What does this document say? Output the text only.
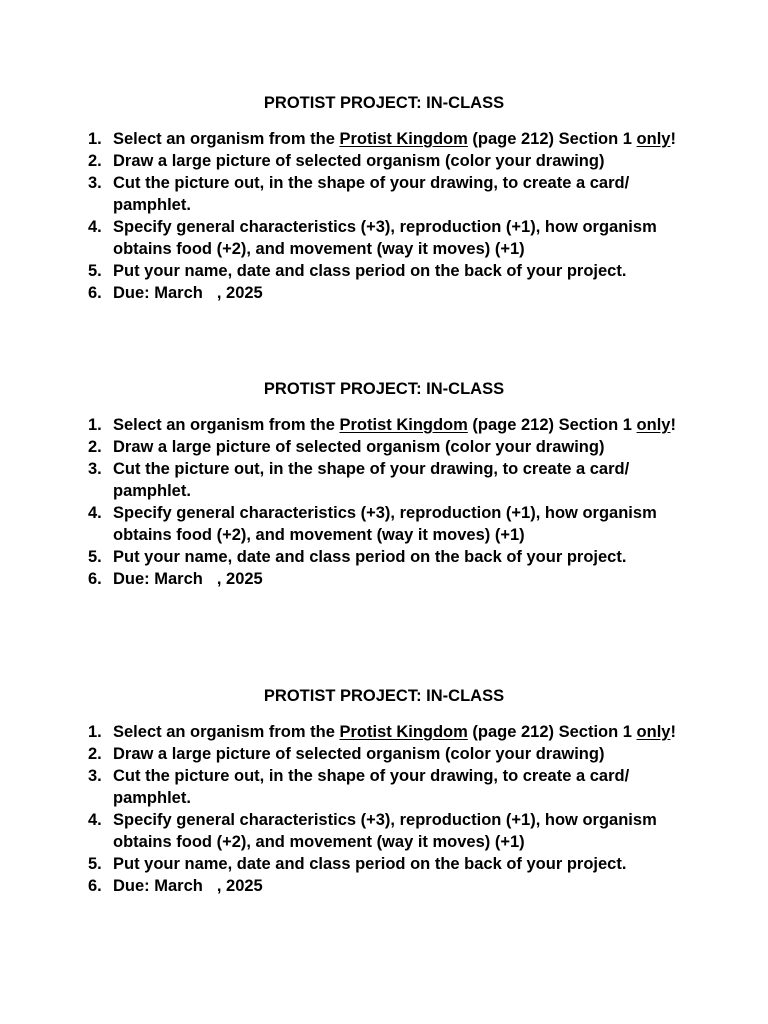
PROTIST PROJECT: IN-CLASS
1. Select an organism from the Protist Kingdom (page 212) Section 1 only!
2. Draw a large picture of selected organism (color your drawing)
3. Cut the picture out, in the shape of your drawing, to create a card/ pamphlet.
4. Specify general characteristics (+3), reproduction (+1), how organism obtains food (+2), and movement (way it moves) (+1)
5. Put your name, date and class period on the back of your project.
6. Due: March , 2025
PROTIST PROJECT: IN-CLASS
1. Select an organism from the Protist Kingdom (page 212) Section 1 only!
2. Draw a large picture of selected organism (color your drawing)
3. Cut the picture out, in the shape of your drawing, to create a card/ pamphlet.
4. Specify general characteristics (+3), reproduction (+1), how organism obtains food (+2), and movement (way it moves) (+1)
5. Put your name, date and class period on the back of your project.
6. Due: March , 2025
PROTIST PROJECT: IN-CLASS
1. Select an organism from the Protist Kingdom (page 212) Section 1 only!
2. Draw a large picture of selected organism (color your drawing)
3. Cut the picture out, in the shape of your drawing, to create a card/ pamphlet.
4. Specify general characteristics (+3), reproduction (+1), how organism obtains food (+2), and movement (way it moves) (+1)
5. Put your name, date and class period on the back of your project.
6. Due: March , 2025
